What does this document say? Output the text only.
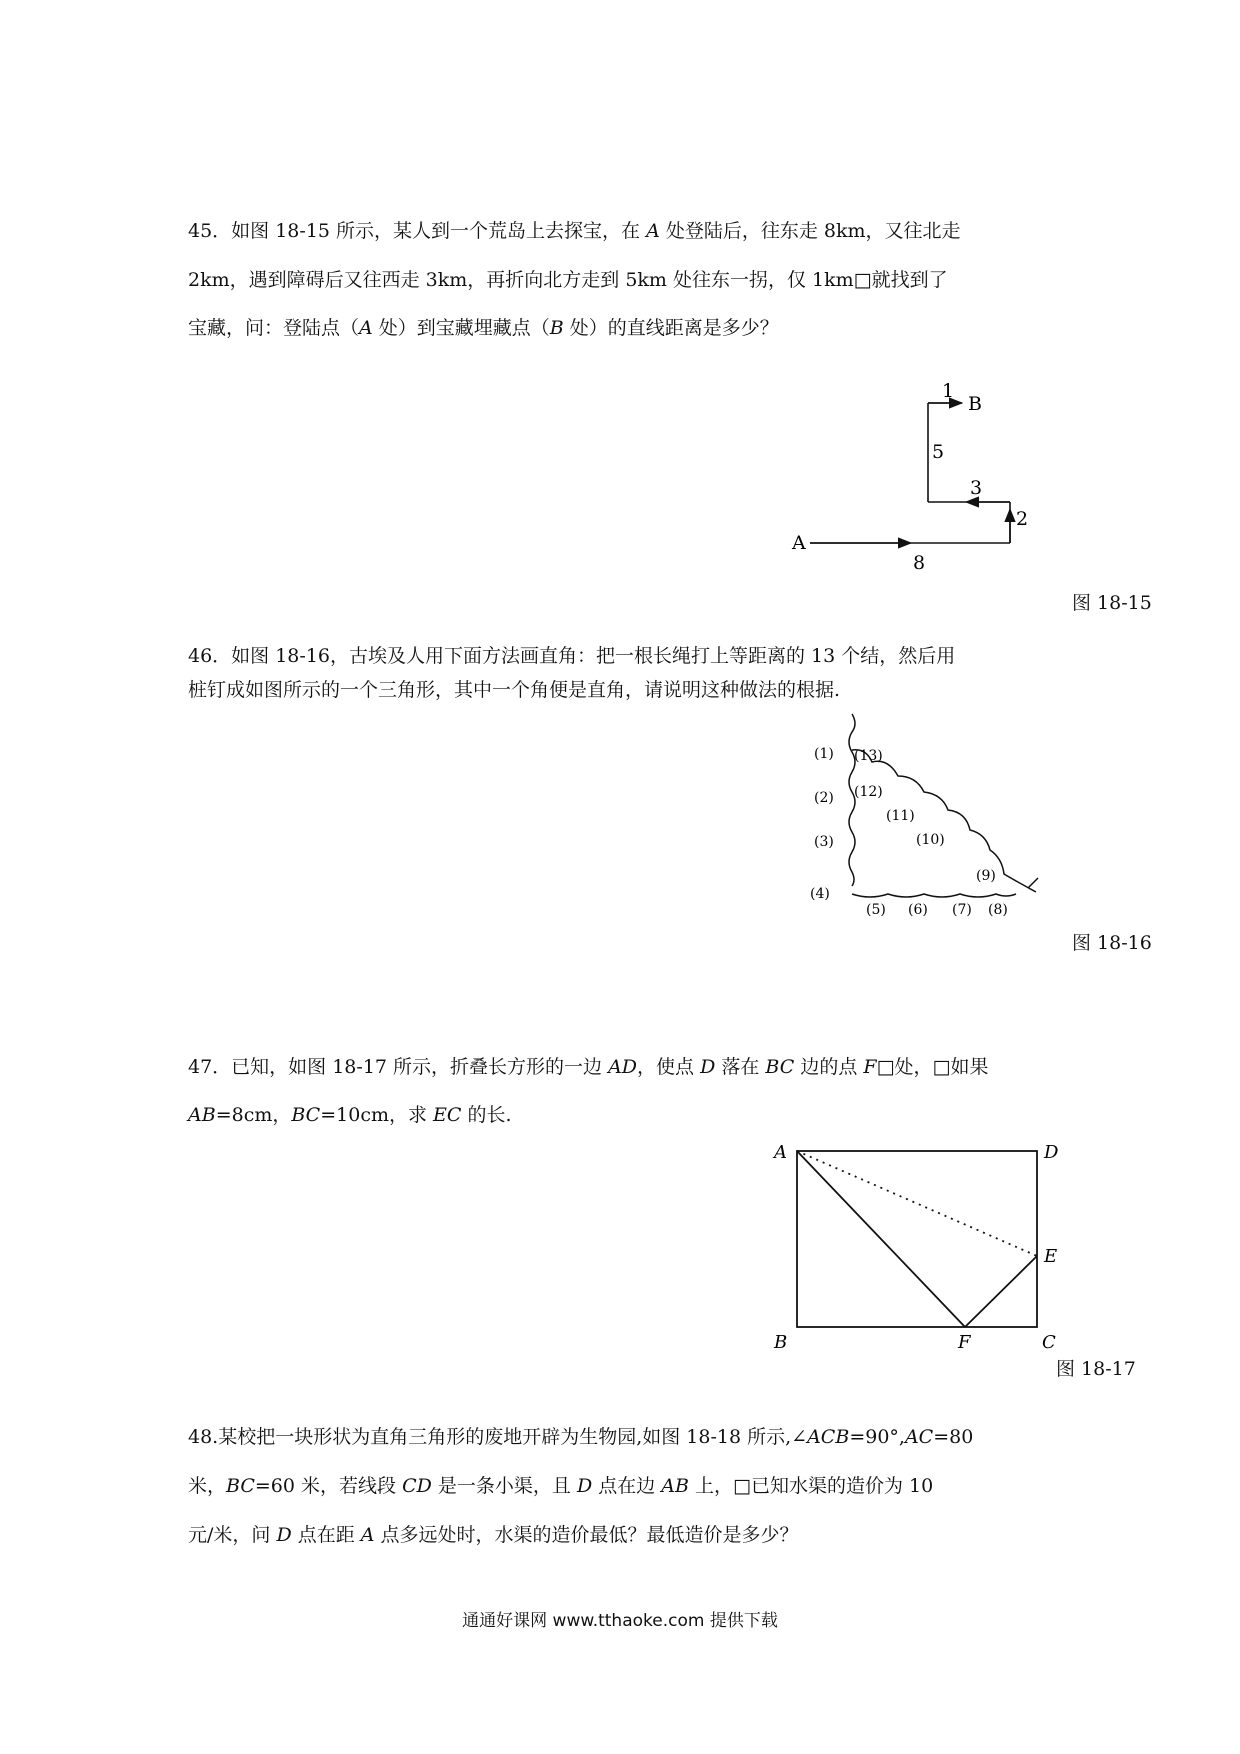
45．如图 18-15 所示，某人到一个荒岛上去探宝，在 A 处登陆后，往东走 8km，又往北走
2km，遇到障碍后又往西走 3km，再折向北方走到 5km 处往东一拐，仅 1km□就找到了
宝藏，问：登陆点（A 处）到宝藏埋藏点（B 处）的直线距离是多少？
A
B
8
2
3
5
1
图 18-15
46．如图 18-16，古埃及人用下面方法画直角：把一根长绳打上等距离的 13 个结，然后用
桩钉成如图所示的一个三角形，其中一个角便是直角，请说明这种做法的根据.
(1)
(2)
(3)
(4)
(5) (6) (7) (8)
(9)
(10)
(11)
(12)
(13)
图 18-16
47．已知，如图 18-17 所示，折叠长方形的一边 AD，使点 D 落在 BC 边的点 F□处，□如果
AB=8cm，BC=10cm，求 EC 的长.
A	D
B	C
E
F
图 18-17
48.某校把一块形状为直角三角形的废地开辟为生物园,如图 18-18 所示,∠ACB=90°,AC=80
米，BC=60 米，若线段 CD 是一条小渠，且 D 点在边 AB 上，□已知水渠的造价为 10
元/米，问 D 点在距 A 点多远处时，水渠的造价最低？最低造价是多少？
通通好课网 www.tthaoke.com 提供下载
